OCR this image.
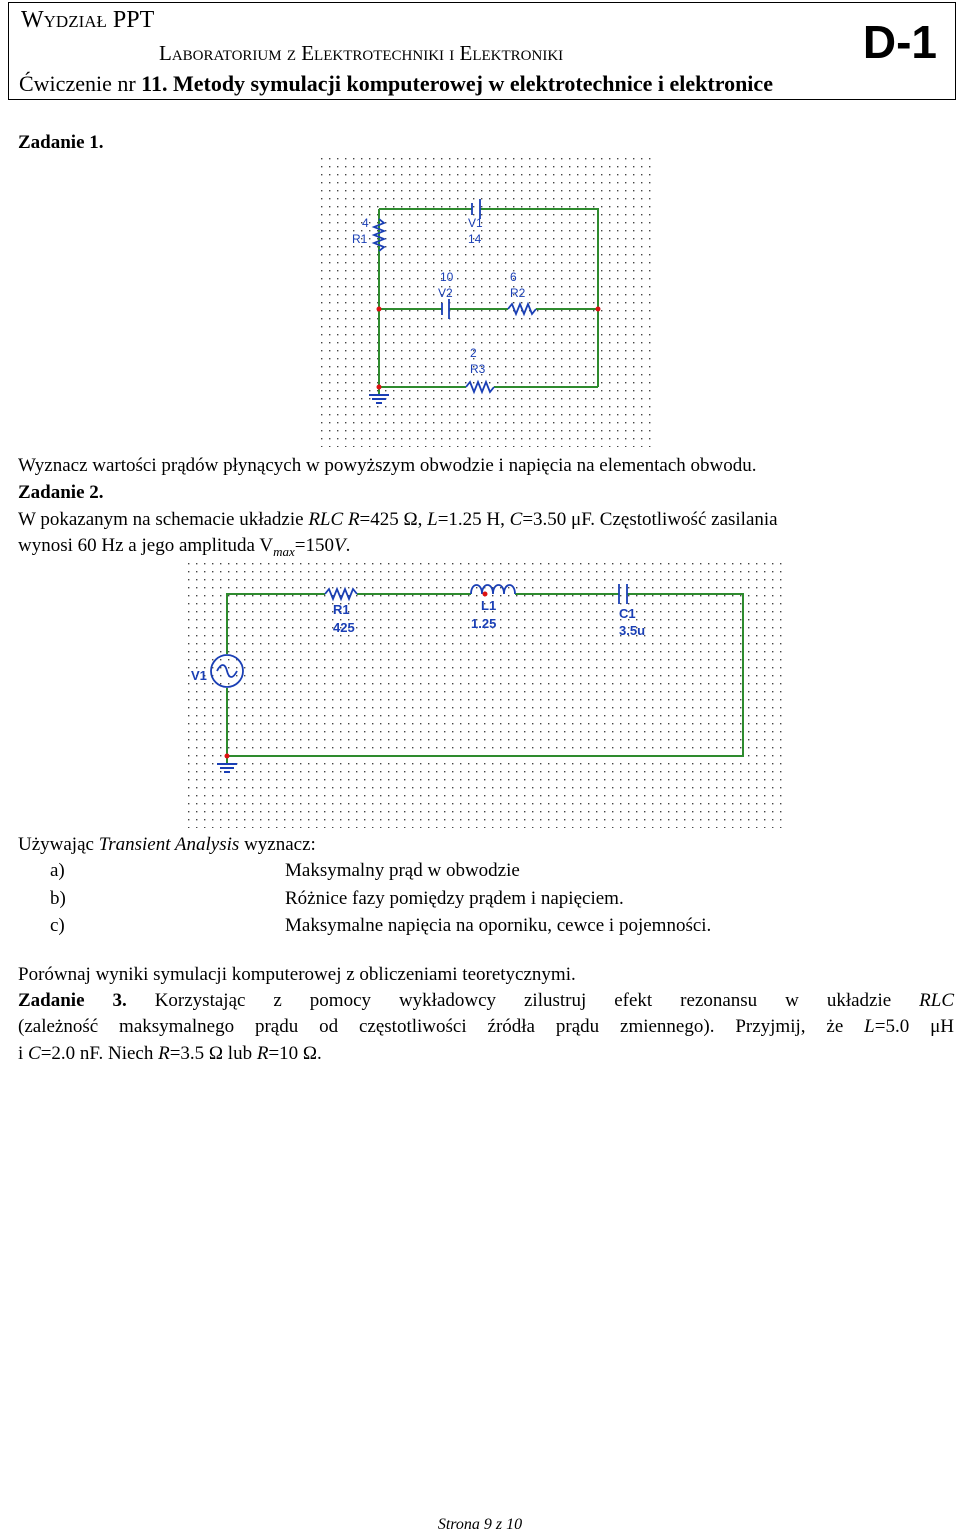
Wydział PPT
Laboratorium z Elektrotechniki i Elektroniki	D-1
Ćwiczenie nr 11. Metody symulacji komputerowej w elektrotechnice i elektronice
Zadanie 1.
4
R1
V1
14
10
V2
6
R2
2
R3
Wyznacz wartości prądów płynących w powyższym obwodzie i napięcia na elementach obwodu.
Zadanie 2.
W pokazanym na schemacie układzie RLC R=425 Ω, L=1.25 H, C=3.50 μF. Częstotliwość zasilania
wynosi 60 Hz a jego amplituda $V_{max}=150V$.
R1
425
L1
1.25
C1
3.5u
V1
Używając Transient Analysis wyznacz:
a)	Maksymalny prąd w obwodzie
b)	Różnice fazy pomiędzy prądem i napięciem.
c)	Maksymalne napięcia na oporniku, cewce i pojemności.
Porównaj wyniki symulacji komputerowej z obliczeniami teoretycznymi.
Zadanie 3. Korzystając z pomocy wykładowcy zilustruj efekt rezonansu w układzie RLC
(zależność maksymalnego prądu od częstotliwości źródła prądu zmiennego). Przyjmij, że L=5.0 μH
i C=2.0 nF. Niech R=3.5 Ω lub R=10 Ω.
Strona 9 z 10
